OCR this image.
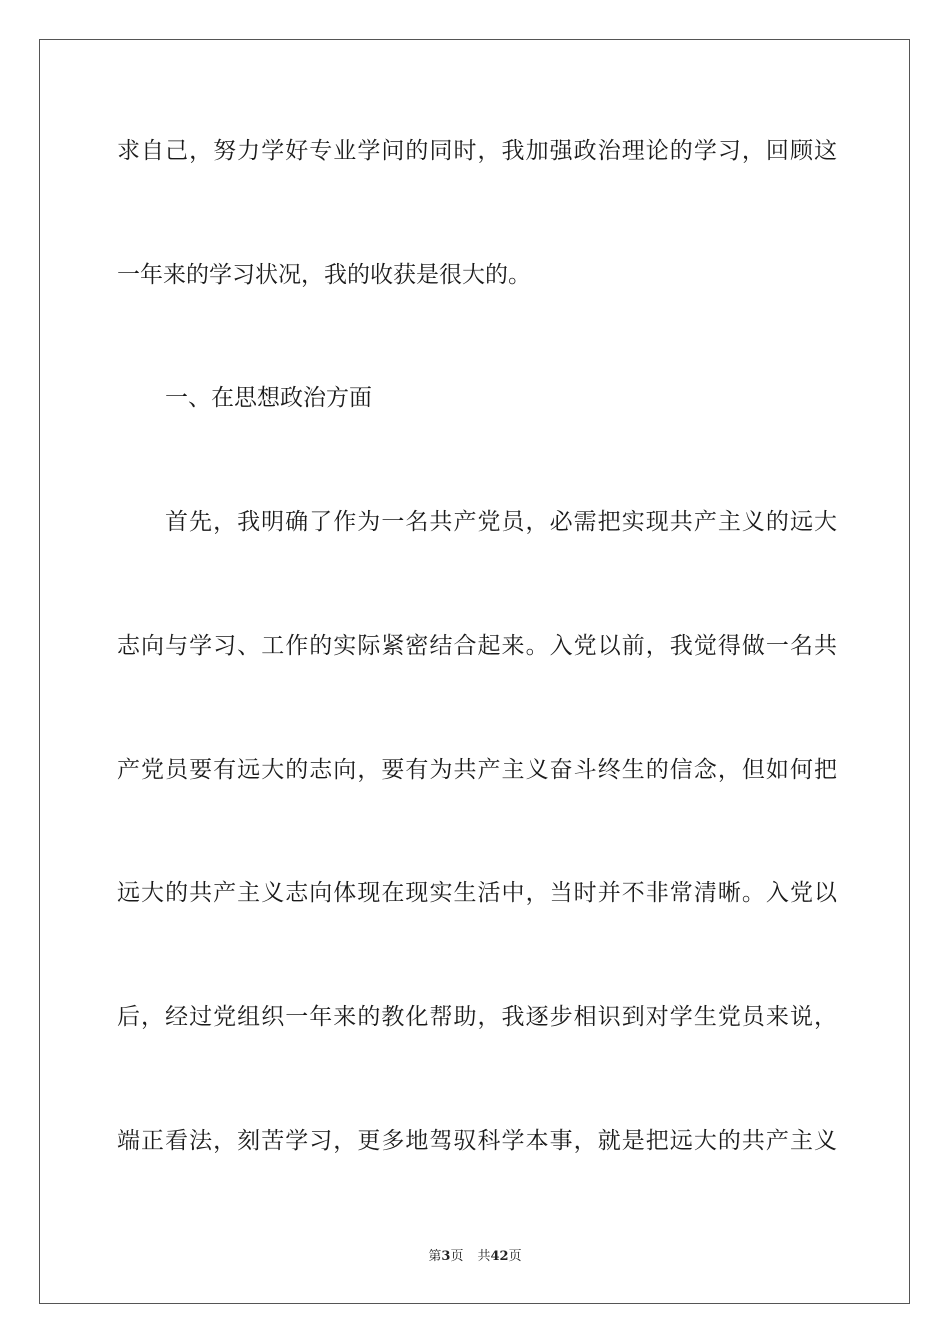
求自己，努力学好专业学问的同时，我加强政治理论的学习，回顾这
一年来的学习状况，我的收获是很大的。
一、在思想政治方面
首先，我明确了作为一名共产党员，必需把实现共产主义的远大
志向与学习、工作的实际紧密结合起来。入党以前，我觉得做一名共
产党员要有远大的志向，要有为共产主义奋斗终生的信念，但如何把
远大的共产主义志向体现在现实生活中，当时并不非常清晰。入党以
后，经过党组织一年来的教化帮助，我逐步相识到对学生党员来说，
端正看法，刻苦学习，更多地驾驭科学本事，就是把远大的共产主义
第3页 共42页
